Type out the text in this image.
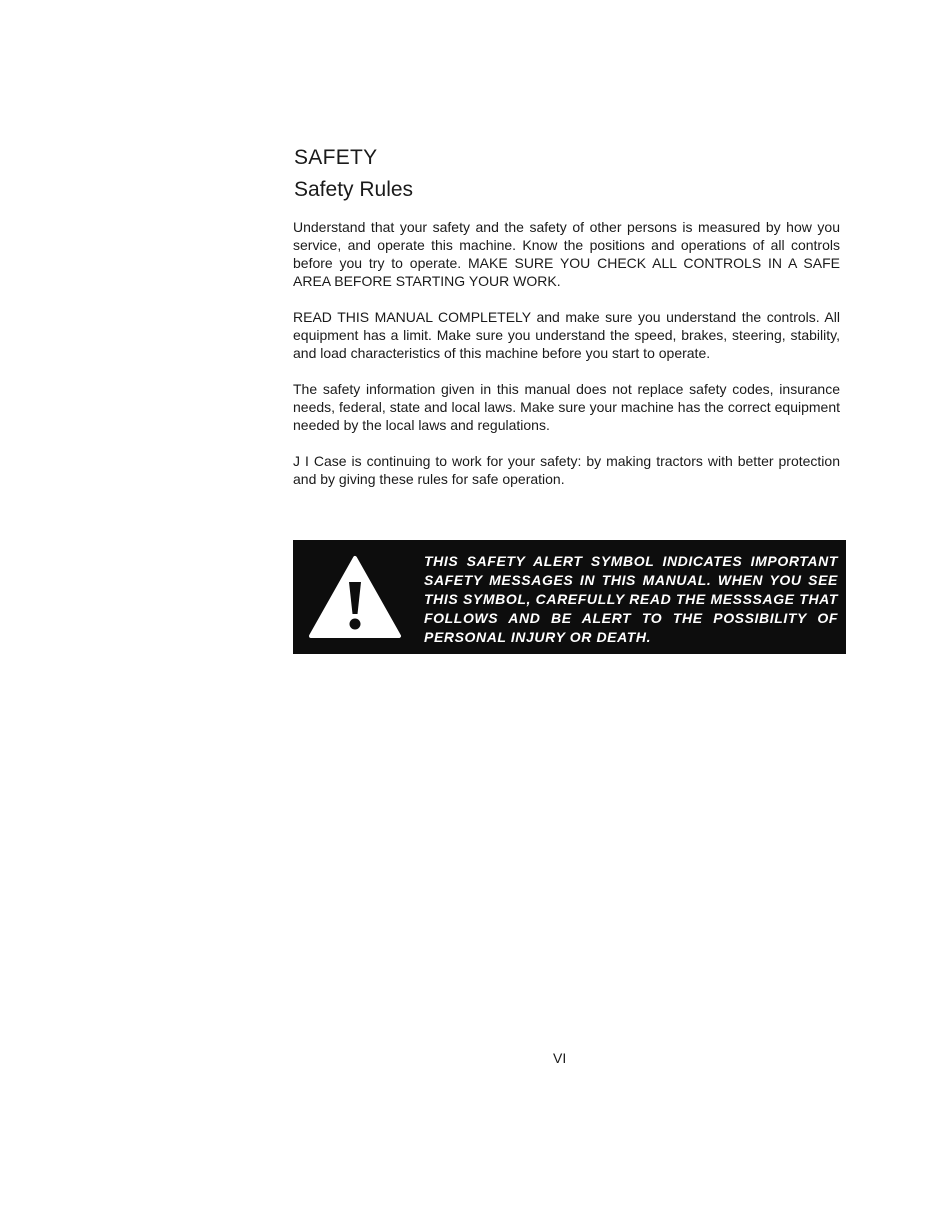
SAFETY
Safety Rules

Understand that your safety and the safety of other persons is measured by how you service, and operate this machine. Know the positions and operations of all controls before you try to operate. MAKE SURE YOU CHECK ALL CONTROLS IN A SAFE AREA BEFORE STARTING YOUR WORK.

READ THIS MANUAL COMPLETELY and make sure you understand the controls. All equipment has a limit. Make sure you understand the speed, brakes, steering, stability, and load characteristics of this machine before you start to operate.

The safety information given in this manual does not replace safety codes, insurance needs, federal, state and local laws. Make sure your machine has the correct equipment needed by the local laws and regulations.

J I Case is continuing to work for your safety: by making tractors with better protection and by giving these rules for safe operation.

THIS SAFETY ALERT SYMBOL INDICATES IMPORTANT SAFETY MESSAGES IN THIS MANUAL. WHEN YOU SEE THIS SYMBOL, CAREFULLY READ THE MESSSAGE THAT FOLLOWS AND BE ALERT TO THE POSSIBILITY OF PERSONAL INJURY OR DEATH.
VI
